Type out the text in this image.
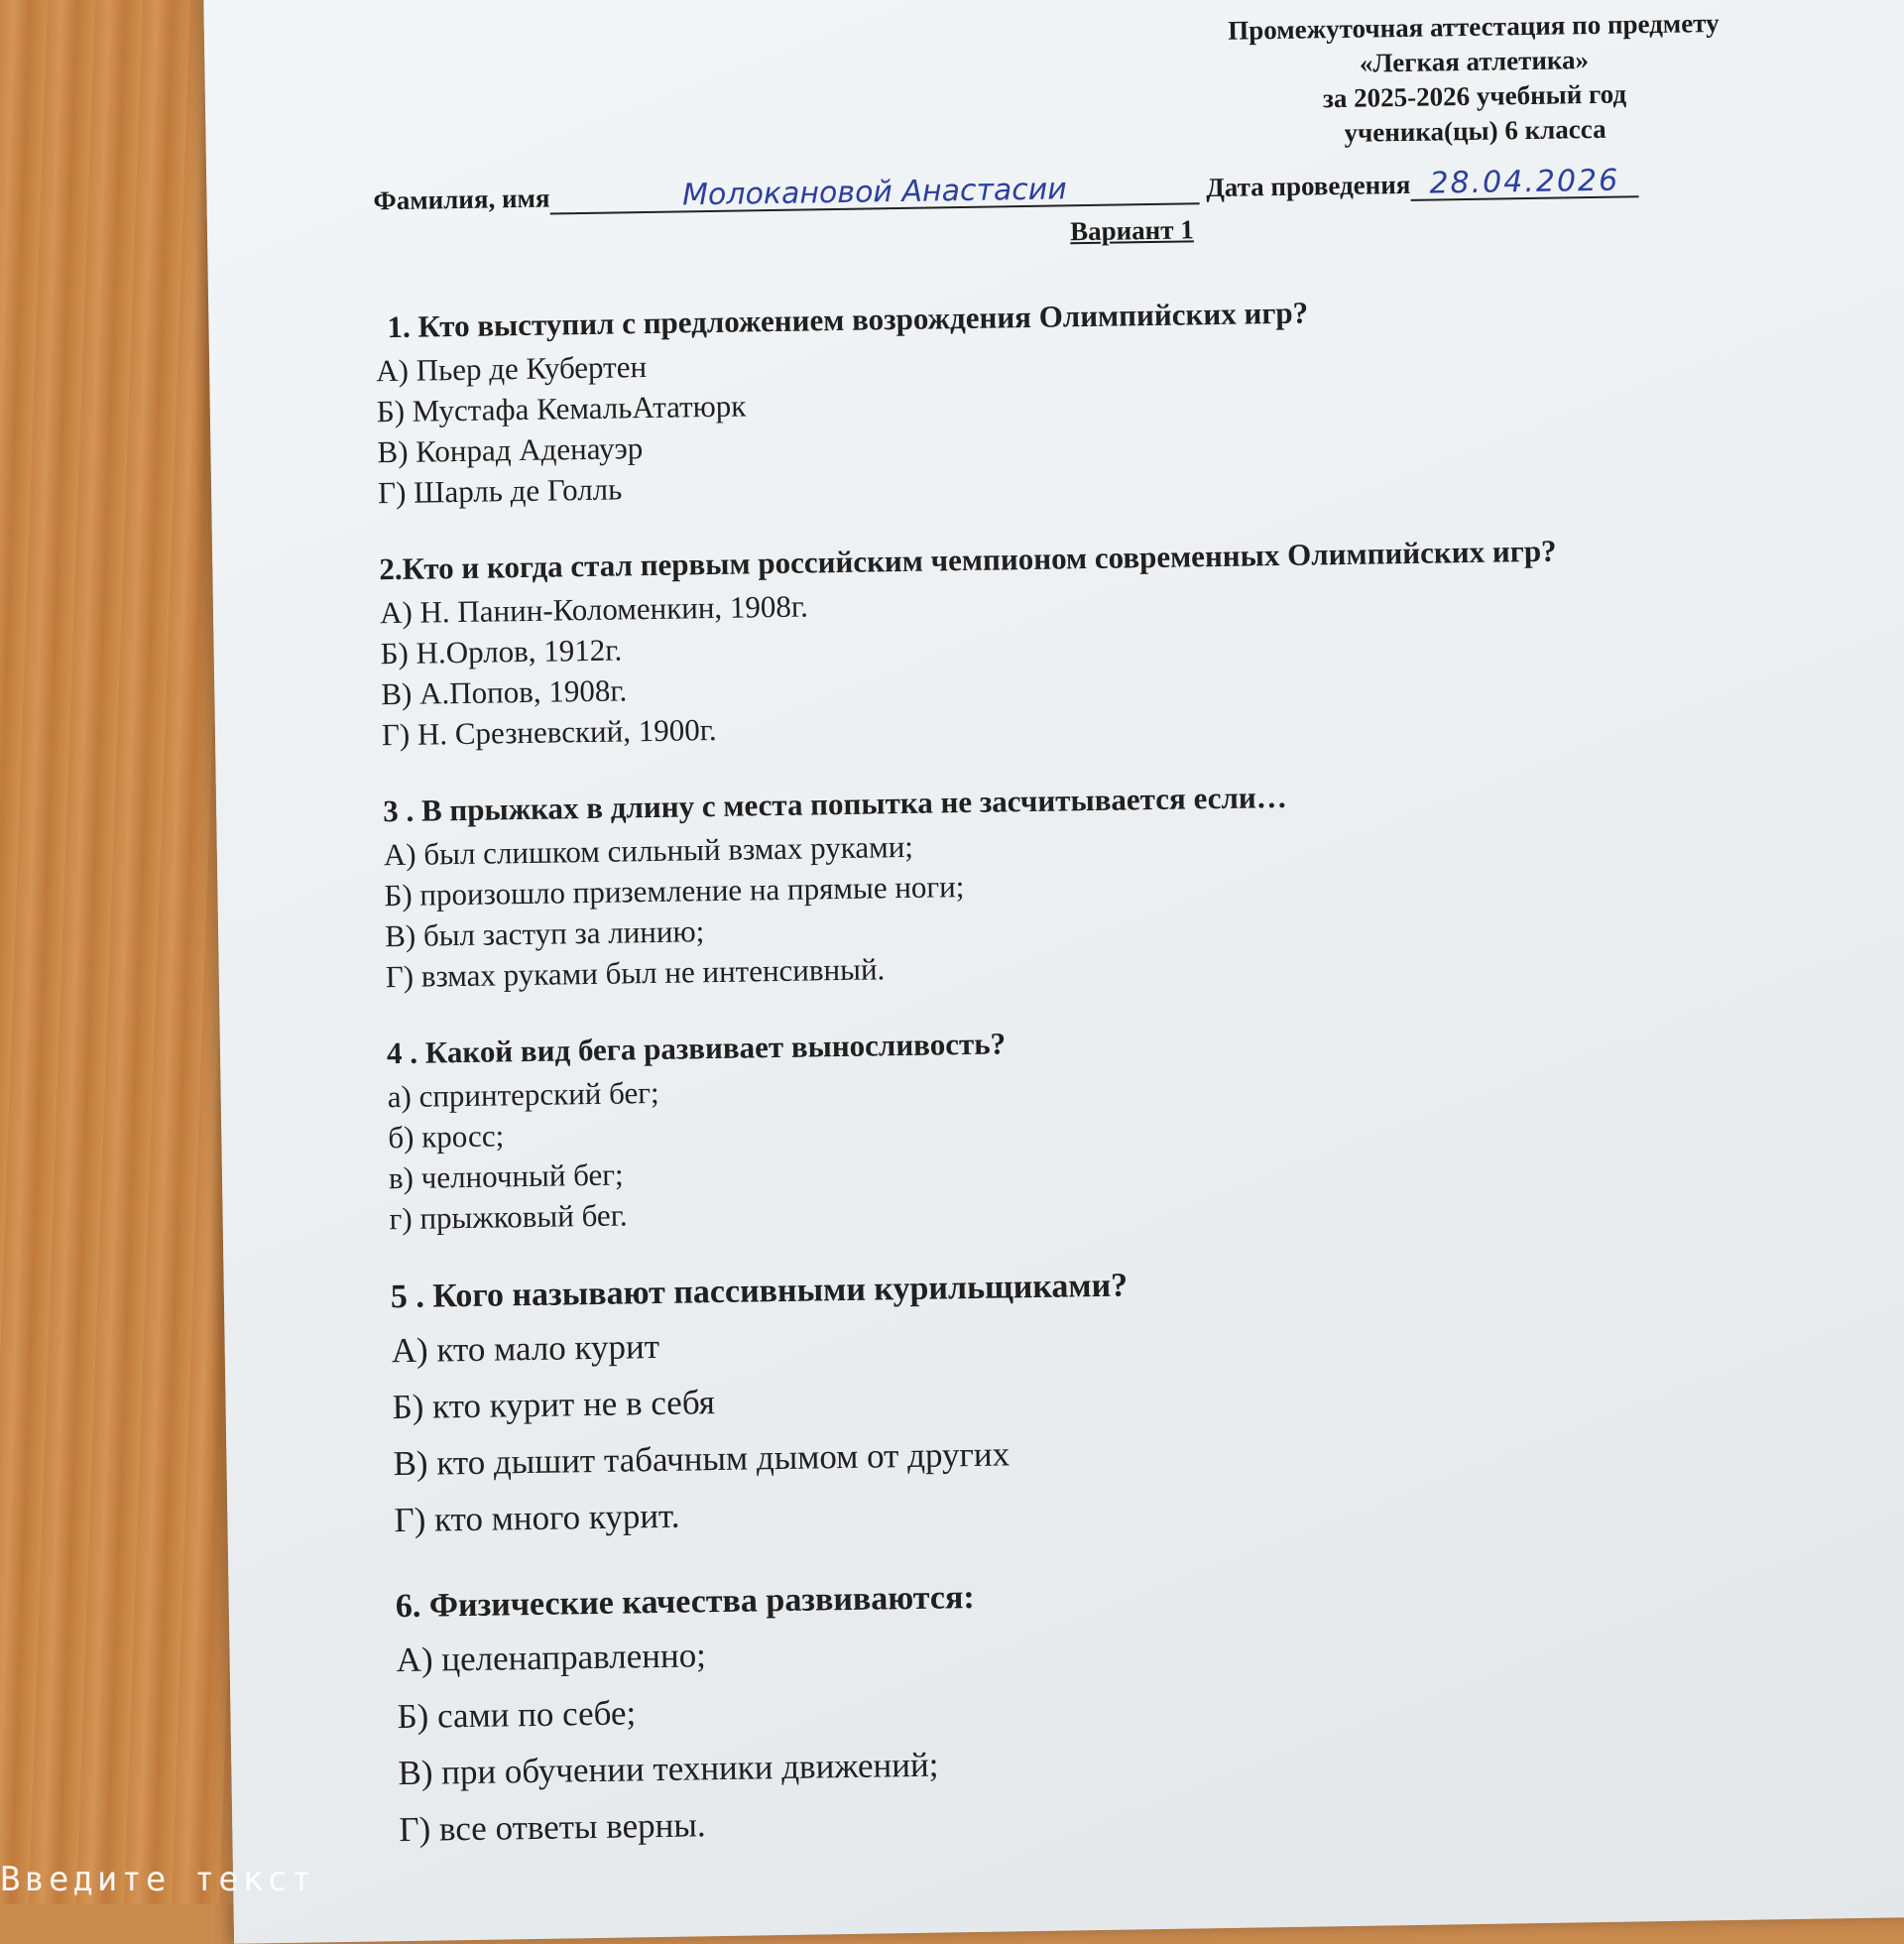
Промежуточная аттестация по предмету
«Легкая атлетика»
за 2025-2026 учебный год
ученика(цы) 6 класса
Фамилия, имя	Молокановой Анастасии	Дата проведения 28.04.2026
Вариант 1
1. Кто выступил с предложением возрождения Олимпийских игр?
А) Пьер де Кубертен
Б) Мустафа КемальАтатюрк
В) Конрад Аденауэр
Г) Шарль де Голль
2.Кто и когда стал первым российским чемпионом современных Олимпийских игр?
А) Н. Панин-Коломенкин, 1908г.
Б) Н.Орлов, 1912г.
В) А.Попов, 1908г.
Г) Н. Срезневский, 1900г.
3 . В прыжках в длину с места попытка не засчитывается если…
А) был слишком сильный взмах руками;
Б) произошло приземление на прямые ноги;
В) был заступ за линию;
Г) взмах руками был не интенсивный.
4 . Какой вид бега развивает выносливость?
а) спринтерский бег;
б) кросс;
в) челночный бег;
г) прыжковый бег.
5 . Кого называют пассивными курильщиками?
А) кто мало курит
Б) кто курит не в себя
В) кто дышит табачным дымом от других
Г) кто много курит.
6. Физические качества развиваются:
А) целенаправленно;
Б) сами по себе;
В) при обучении техники движений;
Г) все ответы верны.
Введите текст
